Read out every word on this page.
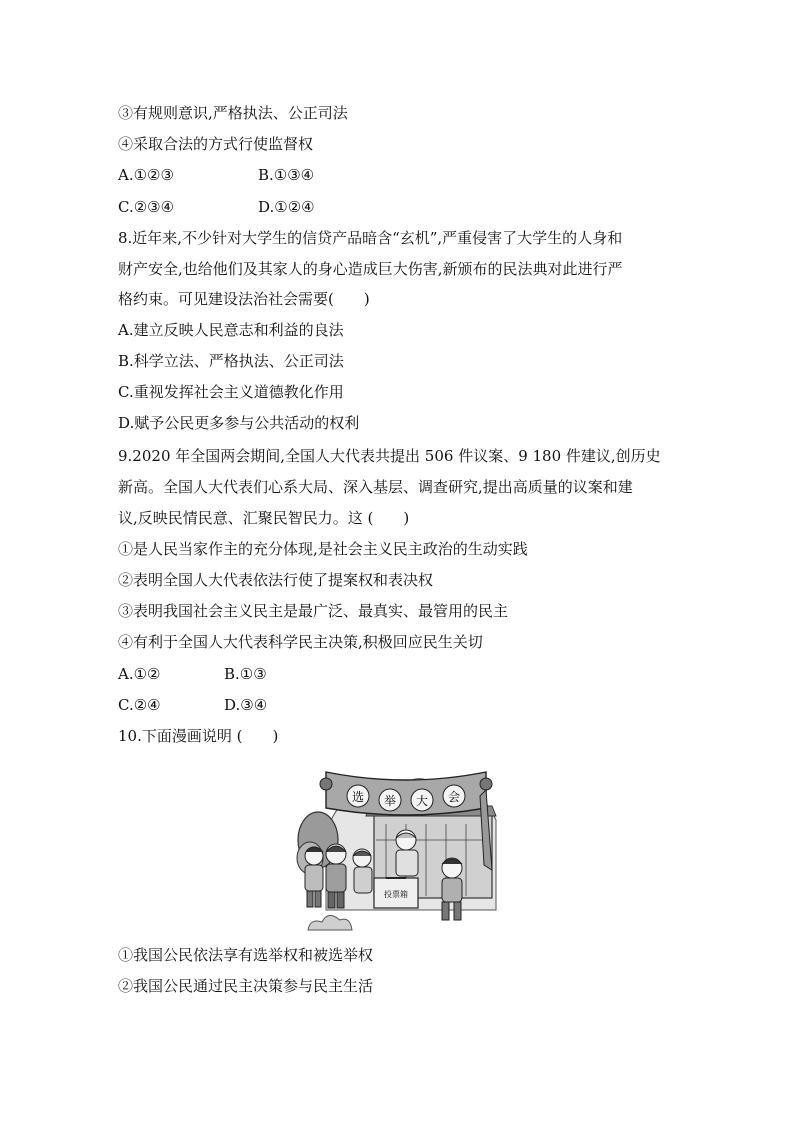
③有规则意识,严格执法、公正司法
④采取合法的方式行使监督权
A.①②③	B.①③④
C.②③④	D.①②④
8.近年来,不少针对大学生的信贷产品暗含“玄机”,严重侵害了大学生的人身和
财产安全,也给他们及其家人的身心造成巨大伤害,新颁布的民法典对此进行严
格约束。可见建设法治社会需要(　　)
A.建立反映人民意志和利益的良法
B.科学立法、严格执法、公正司法
C.重视发挥社会主义道德教化作用
D.赋予公民更多参与公共活动的权利
9.2020 年全国两会期间,全国人大代表共提出 506 件议案、9 180 件建议,创历史
新高。全国人大代表们心系大局、深入基层、调查研究,提出高质量的议案和建
议,反映民情民意、汇聚民智民力。这 (　　)
①是人民当家作主的充分体现,是社会主义民主政治的生动实践
②表明全国人大代表依法行使了提案权和表决权
③表明我国社会主义民主是最广泛、最真实、最管用的民主
④有利于全国人大代表科学民主决策,积极回应民生关切
A.①②	B.①③
C.②④	D.③④
10.下面漫画说明 (　　)
选 举 大 会
投票箱
①我国公民依法享有选举权和被选举权
②我国公民通过民主决策参与民主生活
